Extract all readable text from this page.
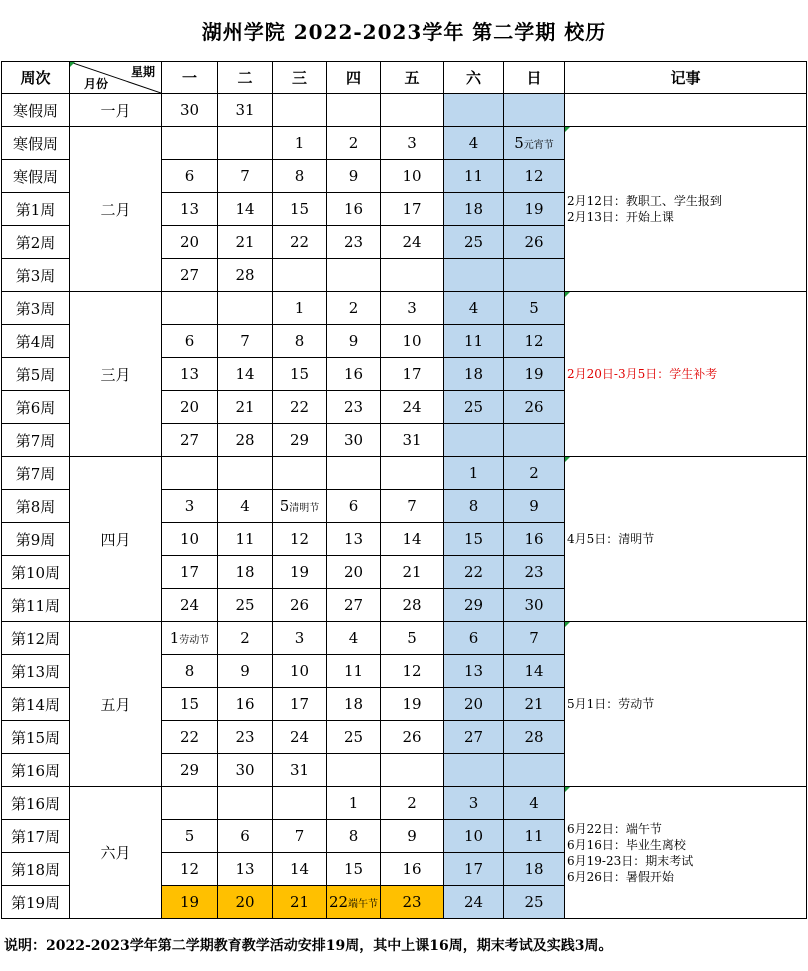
湖州学院 2022-2023学年 第二学期 校历
周次	星期
月份	一	二	三	四	五	六	日	记事
寒假周	一月	30	31						
寒假周	二月			1	2	3	4	5元宵节	2月12日：教职工、学生报到
2月13日：开始上课

寒假周		6	7	8	9	10	11	12	
第1周		13	14	15	16	17	18	19	
第2周		20	21	22	23	24	25	26	
第3周		27	28						
第3周	三月			1	2	3	4	5	2月20日-3月5日：学生补考

第4周		6	7	8	9	10	11	12	
第5周		13	14	15	16	17	18	19	
第6周		20	21	22	23	24	25	26	
第7周		27	28	29	30	31			
第7周	四月						1	2	4月5日：清明节

第8周		3	4	5清明节	6	7	8	9	
第9周		10	11	12	13	14	15	16	
第10周		17	18	19	20	21	22	23	
第11周		24	25	26	27	28	29	30	
第12周	五月	1劳动节	2	3	4	5	6	7	5月1日：劳动节

第13周		8	9	10	11	12	13	14	
第14周		15	16	17	18	19	20	21	
第15周		22	23	24	25	26	27	28	
第16周		29	30	31					
第16周	六月				1	2	3	4	6月22日：端午节
6月16日：毕业生离校
6月19-23日：期末考试
6月26日：暑假开始

第17周		5	6	7	8	9	10	11	
第18周		12	13	14	15	16	17	18	
第19周		19	20	21	22端午节	23	24	25	
说明：2022-2023学年第二学期教育教学活动安排19周，其中上课16周，期末考试及实践3周。
